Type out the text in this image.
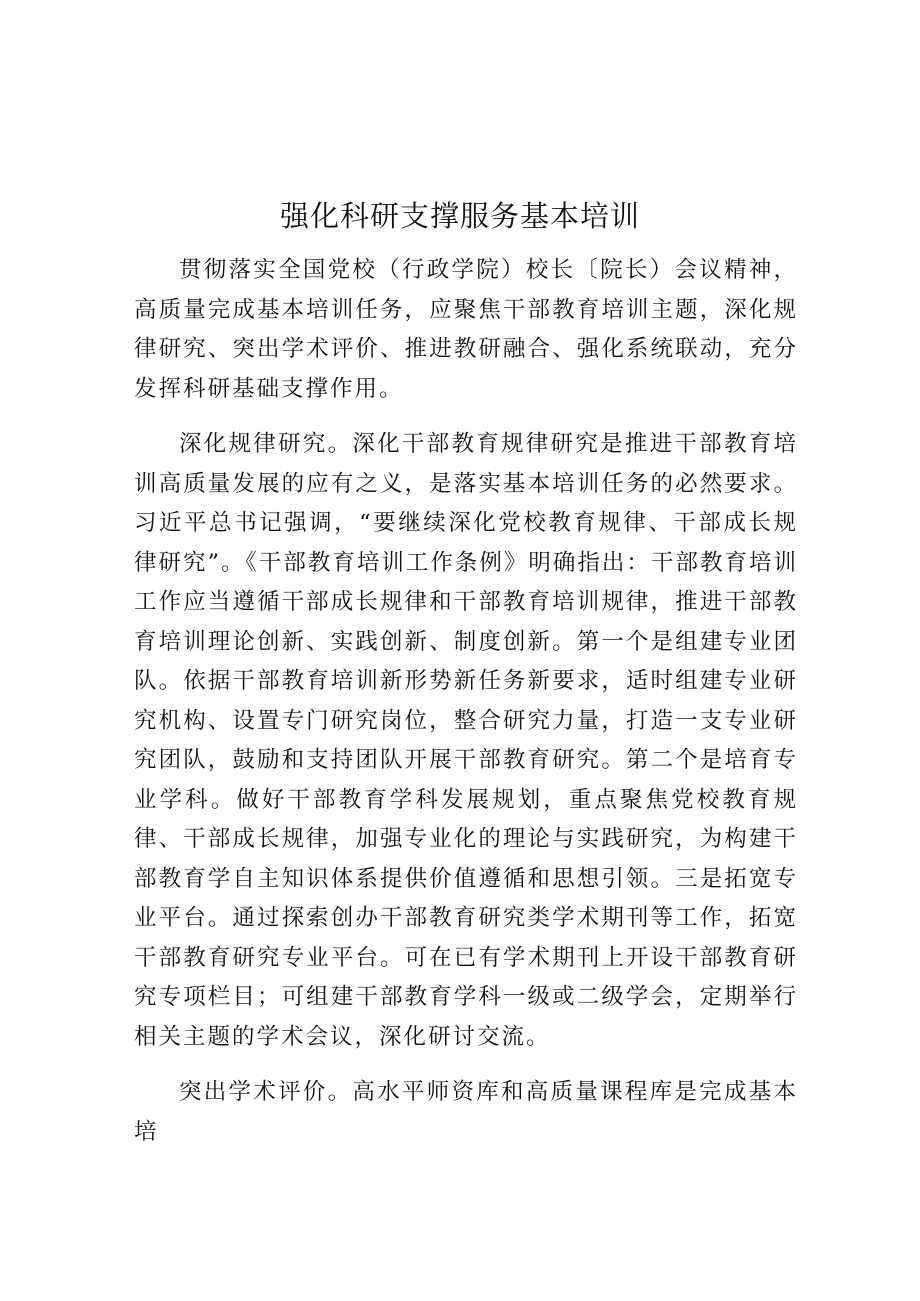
强化科研支撑服务基本培训

贯彻落实全国党校（行政学院）校长〔院长）会议精神，高质量完成基本培训任务，应聚焦干部教育培训主题，深化规律研究、突出学术评价、推进教研融合、强化系统联动，充分发挥科研基础支撑作用。

深化规律研究。深化干部教育规律研究是推进干部教育培训高质量发展的应有之义，是落实基本培训任务的必然要求。习近平总书记强调，“要继续深化党校教育规律、干部成长规律研究”。《干部教育培训工作条例》明确指出：干部教育培训工作应当遵循干部成长规律和干部教育培训规律，推进干部教育培训理论创新、实践创新、制度创新。第一个是组建专业团队。依据干部教育培训新形势新任务新要求，适时组建专业研究机构、设置专门研究岗位，整合研究力量，打造一支专业研究团队，鼓励和支持团队开展干部教育研究。第二个是培育专业学科。做好干部教育学科发展规划，重点聚焦党校教育规律、干部成长规律，加强专业化的理论与实践研究，为构建干部教育学自主知识体系提供价值遵循和思想引领。三是拓宽专业平台。通过探索创办干部教育研究类学术期刊等工作，拓宽干部教育研究专业平台。可在已有学术期刊上开设干部教育研究专项栏目；可组建干部教育学科一级或二级学会，定期举行相关主题的学术会议，深化研讨交流。

突出学术评价。高水平师资库和高质量课程库是完成基本培
